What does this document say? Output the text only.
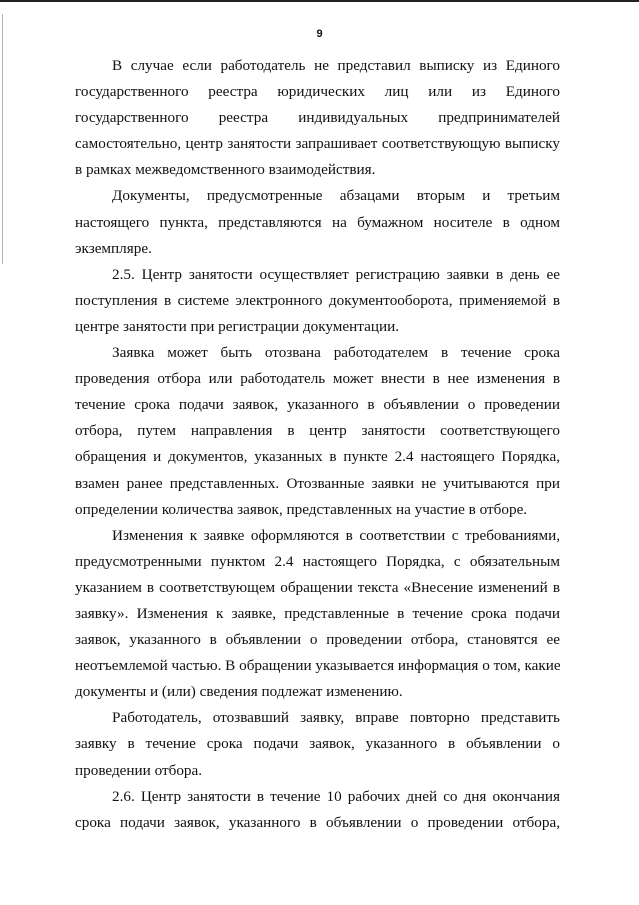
9
В случае если работодатель не представил выписку из Единого
государственного реестра юридических лиц или из Единого
государственного реестра индивидуальных предпринимателей
самостоятельно, центр занятости запрашивает соответствующую выписку
в рамках межведомственного взаимодействия.
Документы, предусмотренные абзацами вторым и третьим
настоящего пункта, представляются на бумажном носителе в одном
экземпляре.
2.5. Центр занятости осуществляет регистрацию заявки в день ее
поступления в системе электронного документооборота, применяемой в
центре занятости при регистрации документации.
Заявка может быть отозвана работодателем в течение срока
проведения отбора или работодатель может внести в нее изменения в
течение срока подачи заявок, указанного в объявлении о проведении
отбора, путем направления в центр занятости соответствующего
обращения и документов, указанных в пункте 2.4 настоящего Порядка,
взамен ранее представленных. Отозванные заявки не учитываются при
определении количества заявок, представленных на участие в отборе.
Изменения к заявке оформляются в соответствии с требованиями,
предусмотренными пунктом 2.4 настоящего Порядка, с обязательным
указанием в соответствующем обращении текста «Внесение изменений в
заявку». Изменения к заявке, представленные в течение срока подачи
заявок, указанного в объявлении о проведении отбора, становятся ее
неотъемлемой частью. В обращении указывается информация о том, какие
документы и (или) сведения подлежат изменению.
Работодатель, отозвавший заявку, вправе повторно представить
заявку в течение срока подачи заявок, указанного в объявлении о
проведении отбора.
2.6. Центр занятости в течение 10 рабочих дней со дня окончания
срока подачи заявок, указанного в объявлении о проведении отбора,
